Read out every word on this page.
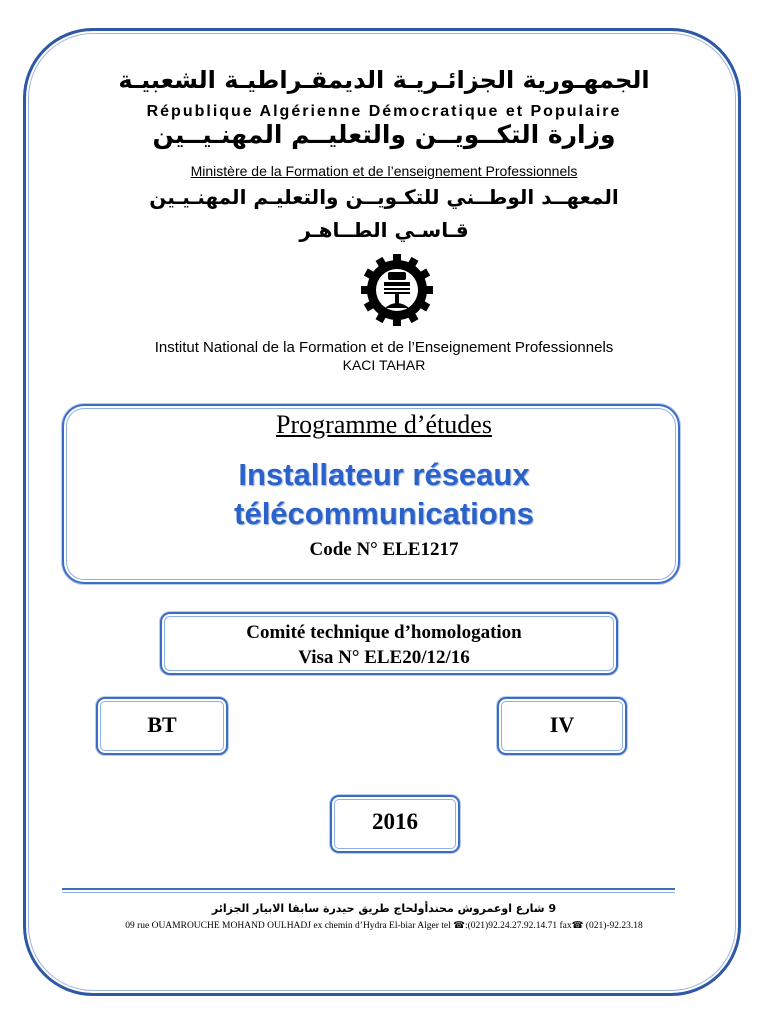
الجمهـورية الجزائـريـة الديمقـراطيـة الشعبيـة
République Algérienne Démocratique et Populaire
وزارة التكــويــن والتعليــم المهنـيــين
Ministère de la Formation et de l’enseignement Professionnels
المعهــد الوطــني للتكـويــن والتعليـم المهنـيـين
قـاسـي الطــاهـر
Institut National de la Formation et de l’Enseignement Professionnels
KACI TAHAR
Programme d’études
Installateur réseaux
télécommunications
Code N° ELE1217
Comité technique d’homologation
Visa N° ELE20/12/16
BT	IV
2016
9 شارع اوعمروش محندأولحاج طريق حيدرة سابقا الابيار الجزائر
09 rue OUAMROUCHE MOHAND OULHADJ ex chemin d’Hydra El-biar Alger tel ☎:(021)92.24.27.92.14.71 fax☎ (021)-92.23.18
